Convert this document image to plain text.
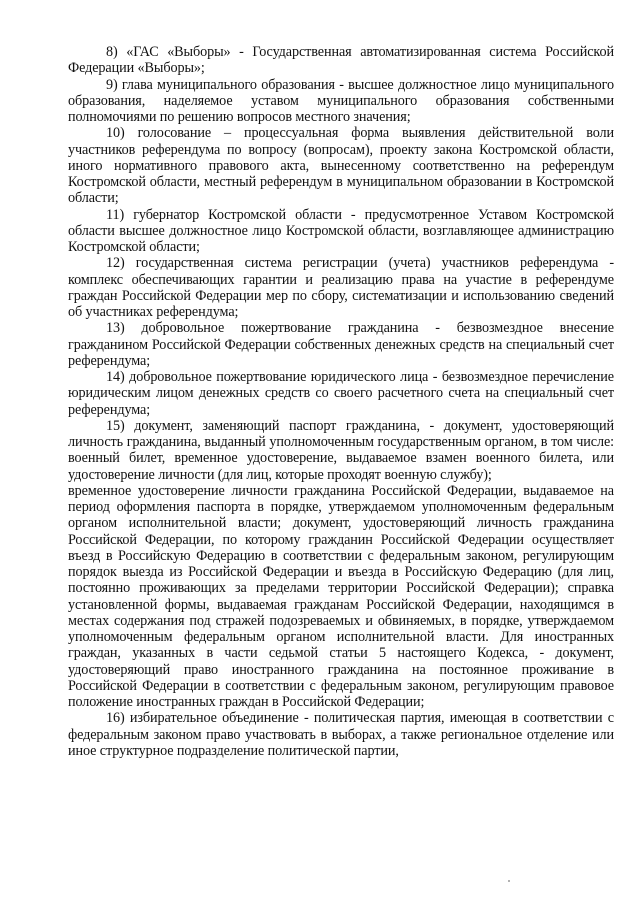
8) «ГАС «Выборы» - Государственная автоматизированная система Российской Федерации «Выборы»;

9) глава муниципального образования - высшее должностное лицо муниципального образования, наделяемое уставом муниципального образования собственными полномочиями по решению вопросов местного значения;

10) голосование – процессуальная форма выявления действительной воли участников референдума по вопросу (вопросам), проекту закона Костромской области, иного нормативного правового акта, вынесенному соответственно на референдум Костромской области, местный референдум в муниципальном образовании в Костромской области;

11) губернатор Костромской области - предусмотренное Уставом Костромской области высшее должностное лицо Костромской области, возглавляющее администрацию Костромской области;

12) государственная система регистрации (учета) участников референдума - комплекс обеспечивающих гарантии и реализацию права на участие в референдуме граждан Российской Федерации мер по сбору, систематизации и использованию сведений об участниках референдума;

13) добровольное пожертвование гражданина - безвозмездное внесение гражданином Российской Федерации собственных денежных средств на специальный счет референдума;

14) добровольное пожертвование юридического лица - безвозмездное перечисление юридическим лицом денежных средств со своего расчетного счета на специальный счет референдума;

15) документ, заменяющий паспорт гражданина, - документ, удостоверяющий личность гражданина, выданный уполномоченным государственным органом, в том числе: военный билет, временное удостоверение, выдаваемое взамен военного билета, или удостоверение личности (для лиц, которые проходят военную службу);

временное удостоверение личности гражданина Российской Федерации, выдаваемое на период оформления паспорта в порядке, утверждаемом уполномоченным федеральным органом исполнительной власти; документ, удостоверяющий личность гражданина Российской Федерации, по которому гражданин Российской Федерации осуществляет въезд в Российскую Федерацию в соответствии с федеральным законом, регулирующим порядок выезда из Российской Федерации и въезда в Российскую Федерацию (для лиц, постоянно проживающих за пределами территории Российской Федерации); справка установленной формы, выдаваемая гражданам Российской Федерации, находящимся в местах содержания под стражей подозреваемых и обвиняемых, в порядке, утверждаемом уполномоченным федеральным органом исполнительной власти. Для иностранных граждан, указанных в части седьмой статьи 5 настоящего Кодекса, - документ, удостоверяющий право иностранного гражданина на постоянное проживание в Российской Федерации в соответствии с федеральным законом, регулирующим правовое положение иностранных граждан в Российской Федерации;

16) избирательное объединение - политическая партия, имеющая в соответствии с федеральным законом право участвовать в выборах, а также региональное отделение или иное структурное подразделение политической партии,
